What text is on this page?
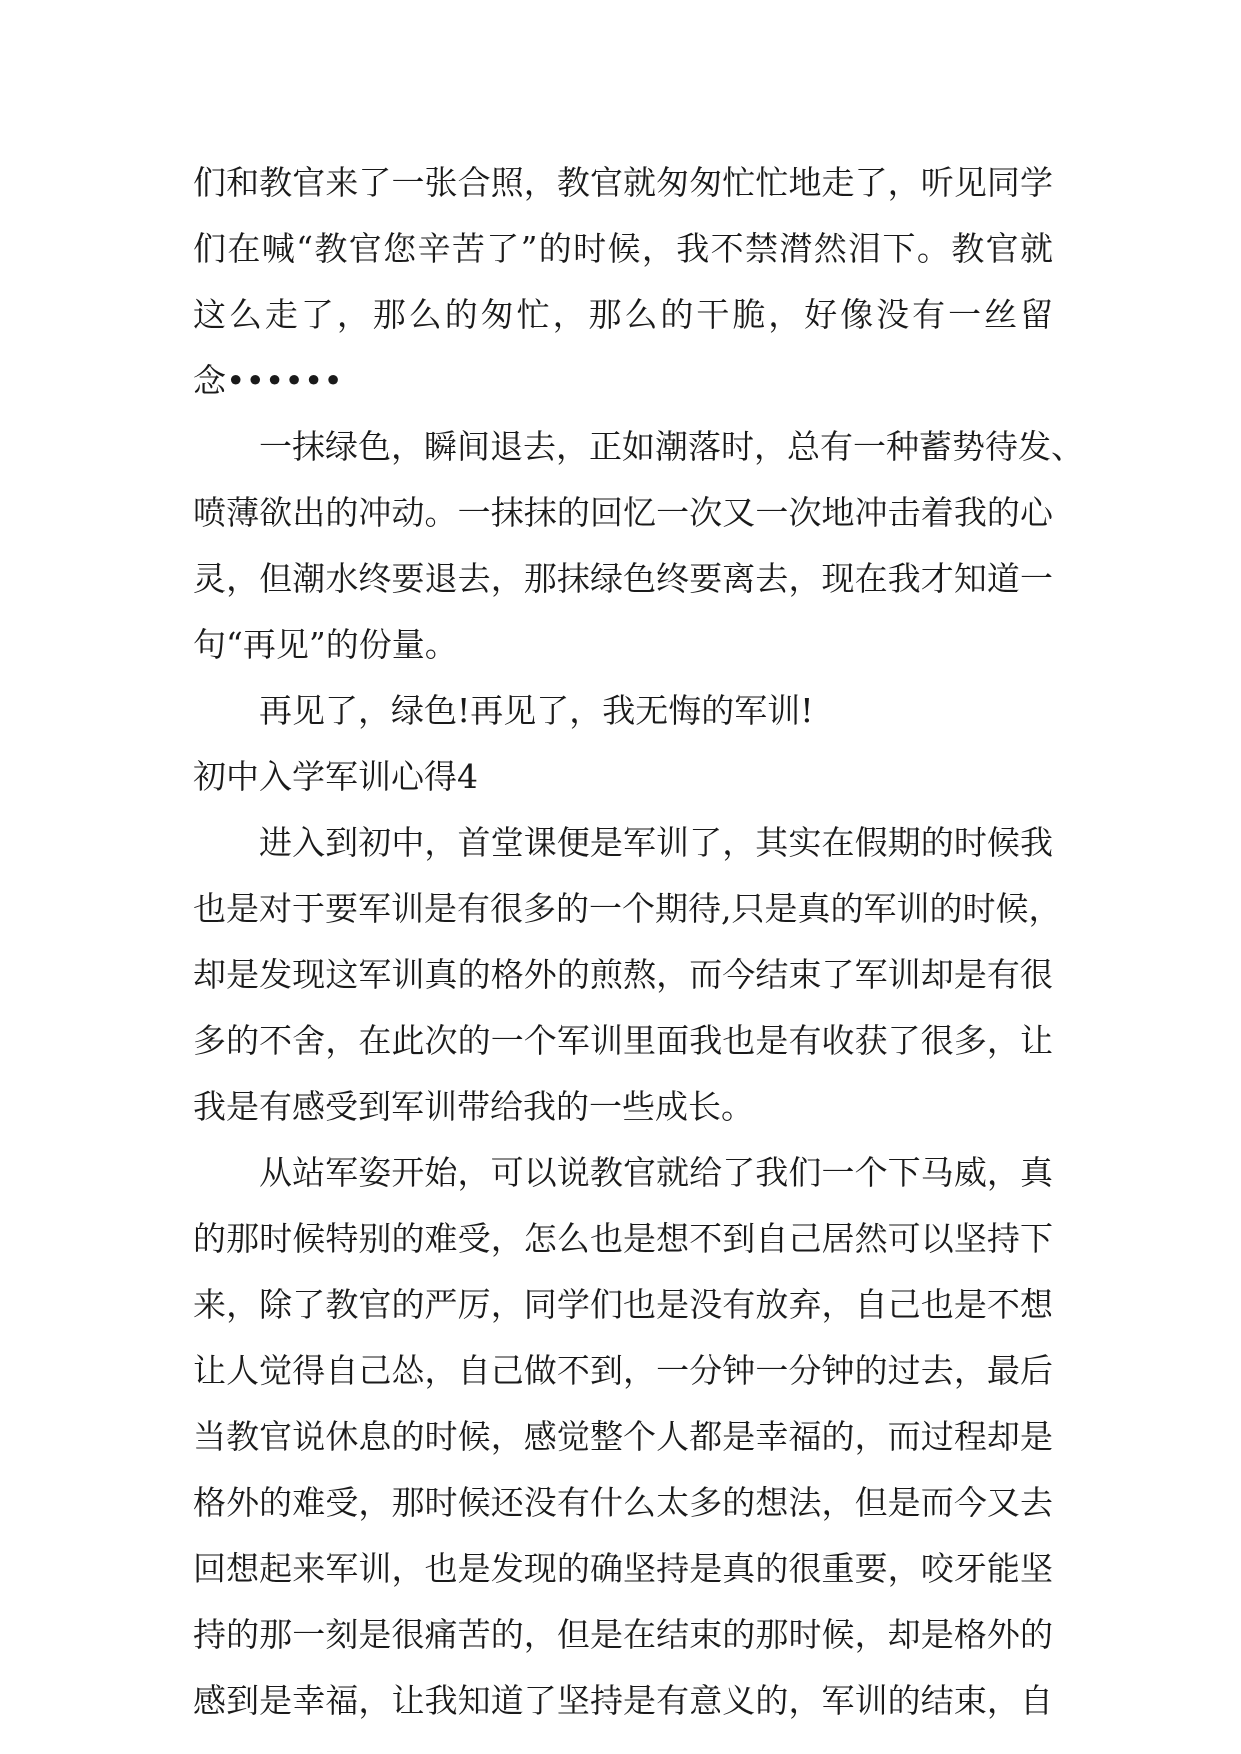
们和教官来了一张合照，教官就匆匆忙忙地走了，听见同学
们在喊“教官您辛苦了”的时候，我不禁潸然泪下。教官就
这么走了，那么的匆忙，那么的干脆，好像没有一丝留
念••••••
一抹绿色，瞬间退去，正如潮落时，总有一种蓄势待发、
喷薄欲出的冲动。一抹抹的回忆一次又一次地冲击着我的心
灵，但潮水终要退去，那抹绿色终要离去，现在我才知道一
句“再见”的份量。
再见了，绿色!再见了，我无悔的军训!
初中入学军训心得4
进入到初中，首堂课便是军训了，其实在假期的时候我
也是对于要军训是有很多的一个期待,只是真的军训的时候，
却是发现这军训真的格外的煎熬，而今结束了军训却是有很
多的不舍，在此次的一个军训里面我也是有收获了很多，让
我是有感受到军训带给我的一些成长。
从站军姿开始，可以说教官就给了我们一个下马威，真
的那时候特别的难受，怎么也是想不到自己居然可以坚持下
来，除了教官的严厉，同学们也是没有放弃，自己也是不想
让人觉得自己怂，自己做不到，一分钟一分钟的过去，最后
当教官说休息的时候，感觉整个人都是幸福的，而过程却是
格外的难受，那时候还没有什么太多的想法，但是而今又去
回想起来军训，也是发现的确坚持是真的很重要，咬牙能坚
持的那一刻是很痛苦的，但是在结束的那时候，却是格外的
感到是幸福，让我知道了坚持是有意义的，军训的结束，自
